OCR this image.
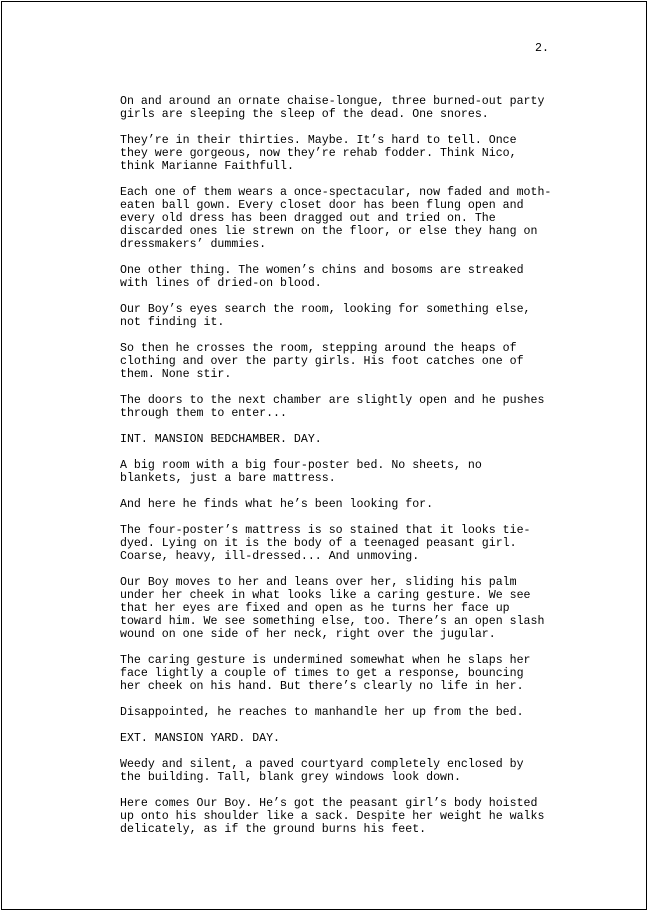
2.
On and around an ornate chaise-longue, three burned-out party
girls are sleeping the sleep of the dead. One snores.
They’re in their thirties. Maybe. It’s hard to tell. Once
they were gorgeous, now they’re rehab fodder. Think Nico,
think Marianne Faithfull.
Each one of them wears a once-spectacular, now faded and moth-
eaten ball gown. Every closet door has been flung open and
every old dress has been dragged out and tried on. The
discarded ones lie strewn on the floor, or else they hang on
dressmakers’ dummies.
One other thing. The women’s chins and bosoms are streaked
with lines of dried-on blood.
Our Boy’s eyes search the room, looking for something else,
not finding it.
So then he crosses the room, stepping around the heaps of
clothing and over the party girls. His foot catches one of
them. None stir.
The doors to the next chamber are slightly open and he pushes
through them to enter...
INT. MANSION BEDCHAMBER. DAY.
A big room with a big four-poster bed. No sheets, no
blankets, just a bare mattress.
And here he finds what he’s been looking for.
The four-poster’s mattress is so stained that it looks tie-
dyed. Lying on it is the body of a teenaged peasant girl.
Coarse, heavy, ill-dressed... And unmoving.
Our Boy moves to her and leans over her, sliding his palm
under her cheek in what looks like a caring gesture. We see
that her eyes are fixed and open as he turns her face up
toward him. We see something else, too. There’s an open slash
wound on one side of her neck, right over the jugular.
The caring gesture is undermined somewhat when he slaps her
face lightly a couple of times to get a response, bouncing
her cheek on his hand. But there’s clearly no life in her.
Disappointed, he reaches to manhandle her up from the bed.
EXT. MANSION YARD. DAY.
Weedy and silent, a paved courtyard completely enclosed by
the building. Tall, blank grey windows look down.
Here comes Our Boy. He’s got the peasant girl’s body hoisted
up onto his shoulder like a sack. Despite her weight he walks
delicately, as if the ground burns his feet.
